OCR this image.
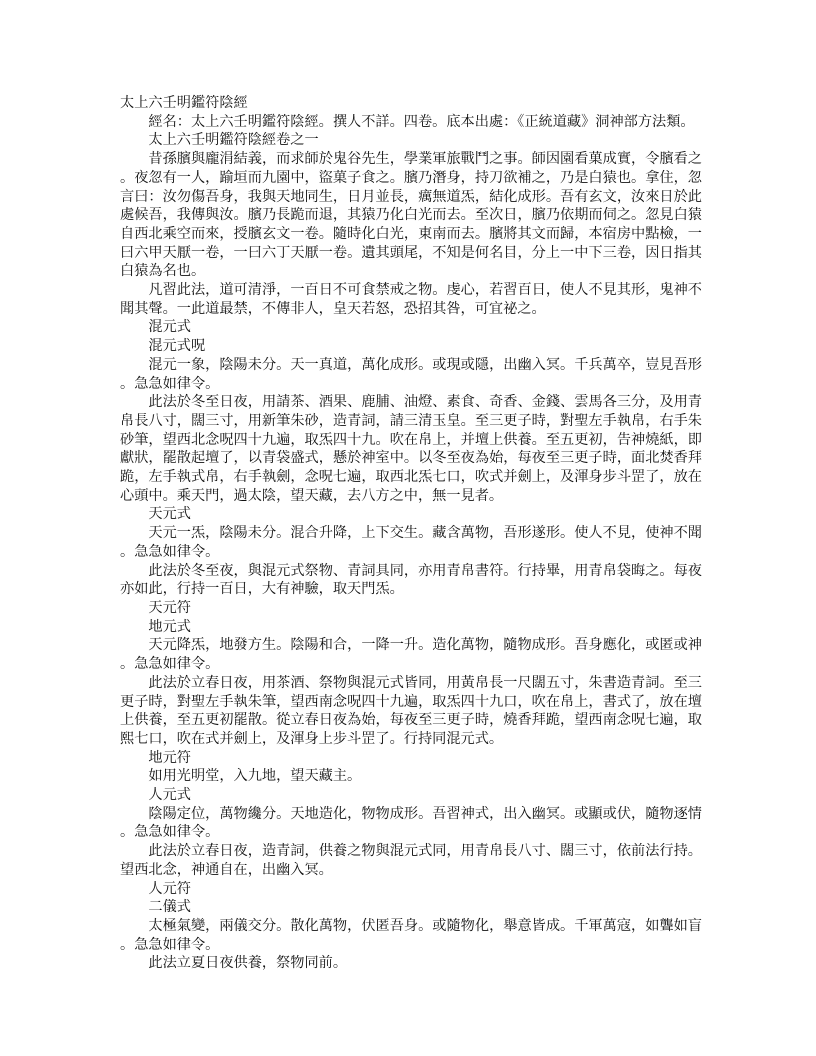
太上六壬明鑑符陰經

經名：太上六壬明鑑符陰經。撰人不詳。四卷。底本出處：《正統道藏》洞神部方法類。

太上六壬明鑑符陰經卷之一

昔孫臏與龐涓結義，而求師於鬼谷先生，學業軍旅戰鬥之事。師因園看菓成實，令臏看之。夜忽有一人，踰垣而九園中，盜菓子食之。臏乃潛身，持刀欲補之，乃是白猿也。拿住，忽言曰：汝勿傷吾身，我與天地同生，日月並長，癘無道炁，結化成形。吾有玄文，汝來日於此處候吾，我傳與汝。臏乃長跪而退，其猿乃化白光而去。至次日，臏乃依期而伺之。忽見白猿自西北乘空而來，授臏玄文一卷。隨時化白光，東南而去。臏將其文而歸，本宿房中點檢，一曰六甲天厭一卷，一曰六丁天厭一卷。遺其頭尾，不知是何名目，分上一中下三卷，因日指其白猿為名也。

凡習此法，道可清淨，一百日不可食禁戒之物。虔心，若習百日，使人不見其形，鬼神不聞其聲。一此道最禁，不傳非人，皇天若怒，恐招其咎，可宜祕之。

混元式

混元式呪

混元一象，陰陽未分。天一真道，萬化成形。或現或隱，出幽入冥。千兵萬卒，豈見吾形。急急如律令。

此法於冬至日夜，用請茶、酒果、鹿脯、油燈、素食、奇香、金錢、雲馬各三分，及用青帛長八寸，闊三寸，用新筆朱砂，造青詞，請三清玉皇。至三更子時，對聖左手執帛，右手朱砂筆，望西北念呪四十九遍，取炁四十九。吹在帛上，并壇上供養。至五更初，告神燒紙，即獻狀，罷散起壇了，以青袋盛式，懸於神室中。以冬至夜為始，每夜至三更子時，面北焚香拜跪，左手執式帛，右手執劍，念呪七遍，取西北炁七口，吹式并劍上，及渾身步斗罡了，放在心頭中。乘天門，過太陰，望天藏，去八方之中，無一見者。

天元式

天元一炁，陰陽未分。混合升降，上下交生。藏含萬物，吾形遂形。使人不見，使神不聞。急急如律令。

此法於冬至夜，與混元式祭物、青詞具同，亦用青帛書符。行持畢，用青帛袋晦之。每夜亦如此，行持一百日，大有神驗，取天門炁。

天元符

地元式

天元降炁，地發方生。陰陽和合，一降一升。造化萬物，隨物成形。吾身應化，或匿或神。急急如律令。

此法於立春日夜，用茶酒、祭物與混元式皆同，用黃帛長一尺闊五寸，朱書造青詞。至三更子時，對聖左手執朱筆，望西南念呪四十九遍，取炁四十九口，吹在帛上，書式了，放在壇上供養，至五更初罷散。從立春日夜為始，每夜至三更子時，燒香拜跪，望西南念呪七遍，取熙七口，吹在式并劍上，及渾身上步斗罡了。行持同混元式。

地元符

如用光明堂，入九地，望天藏主。

人元式

陰陽定位，萬物纔分。天地造化，物物成形。吾習神式，出入幽冥。或顯或伏，隨物逐情。急急如律令。

此法於立春日夜，造青詞，供養之物與混元式同，用青帛長八寸、闊三寸，依前法行持。望西北念，神通自在，出幽入冥。

人元符

二儀式

太極氣變，兩儀交分。散化萬物，伏匿吾身。或隨物化，舉意皆成。千軍萬寇，如聾如盲。急急如律令。

此法立夏日夜供養，祭物同前。
